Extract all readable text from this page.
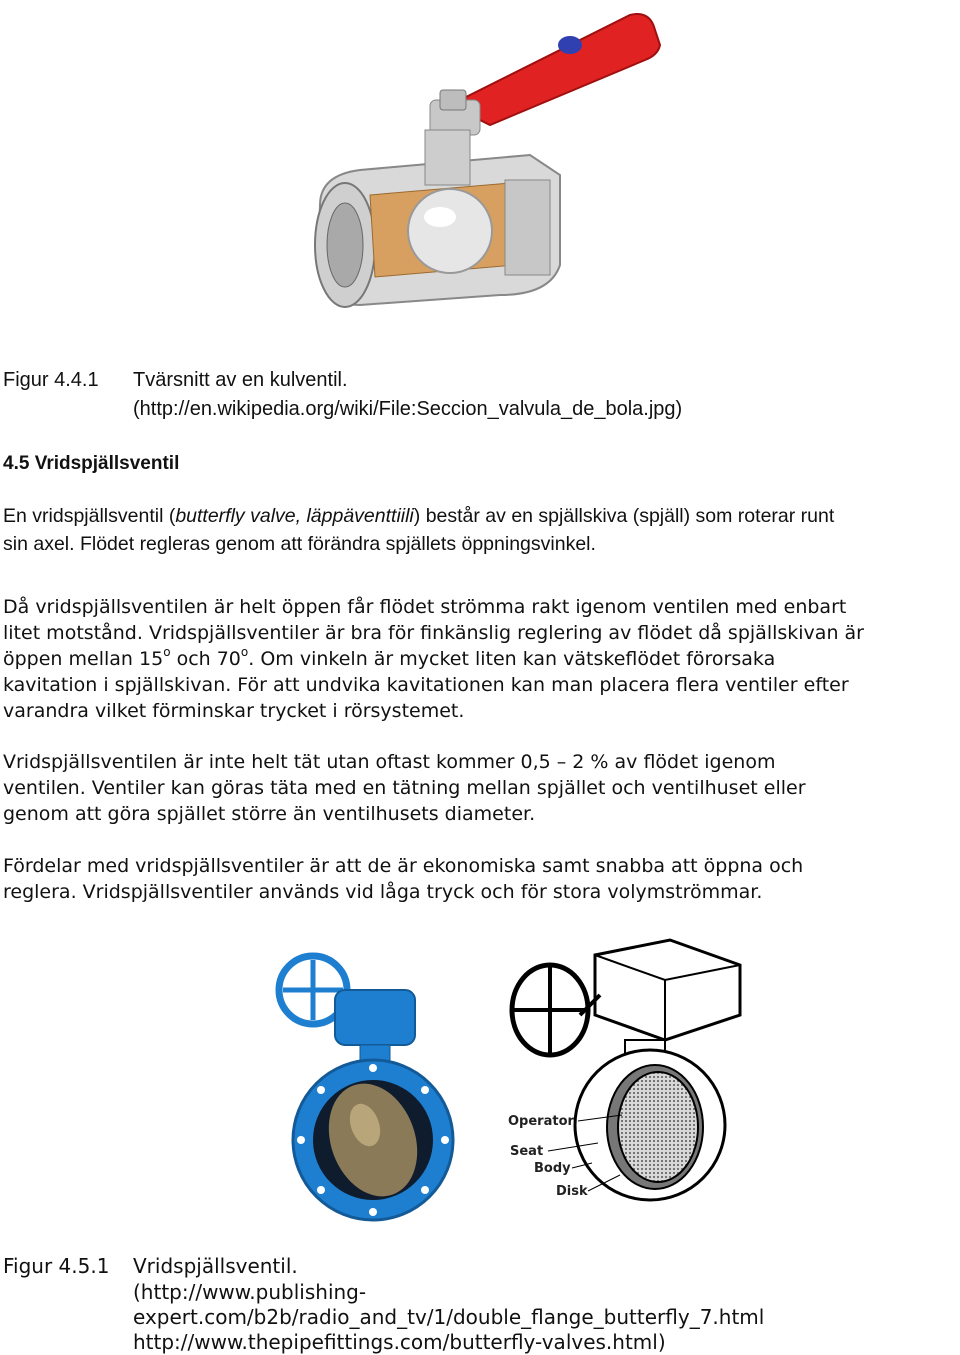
Figur 4.4.1 Tvärsnitt av en kulventil.
(http://en.wikipedia.org/wiki/File:Seccion_valvula_de_bola.jpg)
4.5 Vridspjällsventil
En vridspjällsventil (butterfly valve, läppäventtiili) består av en spjällskiva (spjäll) som roterar runt
sin axel. Flödet regleras genom att förändra spjällets öppningsvinkel.
Då vridspjällsventilen är helt öppen får flödet strömma rakt igenom ventilen med enbart
litet motstånd. Vridspjällsventiler är bra för finkänslig reglering av flödet då spjällskivan är
öppen mellan 15$^o$ och 70$^o$. Om vinkeln är mycket liten kan vätskeflödet förorsaka
kavitation i spjällskivan. För att undvika kavitationen kan man placera flera ventiler efter
varandra vilket förminskar trycket i rörsystemet.
Vridspjällsventilen är inte helt tät utan oftast kommer 0,5 – 2 % av flödet igenom
ventilen. Ventiler kan göras täta med en tätning mellan spjället och ventilhuset eller
genom att göra spjället större än ventilhusets diameter.
Fördelar med vridspjällsventiler är att de är ekonomiska samt snabba att öppna och
reglera. Vridspjällsventiler används vid låga tryck och för stora volymströmmar.
Operator
Seat
Body
Disk
Figur 4.5.1 Vridspjällsventil.
(http://www.publishing-
expert.com/b2b/radio_and_tv/1/double_flange_butterfly_7.html
http://www.thepipefittings.com/butterfly-valves.html)
